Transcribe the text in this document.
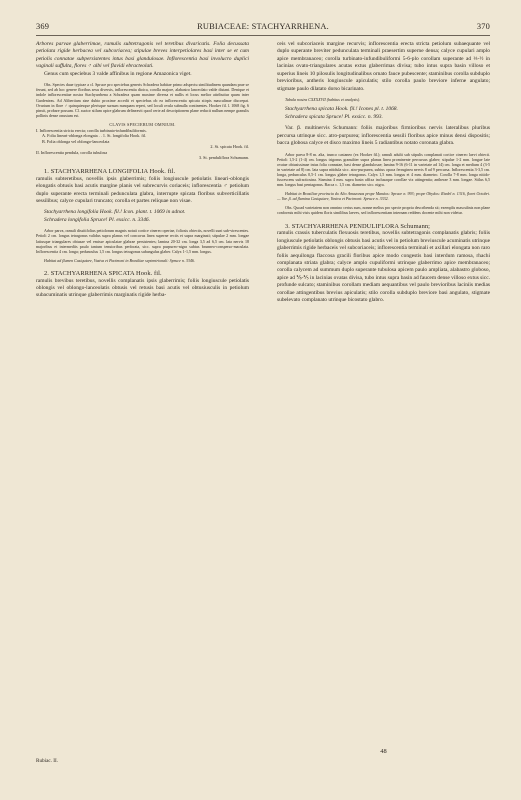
369	RUBIACEAE: STACHYARRHENA.	370

Arbores parvae glaberrimae, ramulis subtetragonis vel teretibus divaricatis. Folia decussata petiolata rigide herbacea vel subcoriacea; stipulae breves interpetiolares basi inter se et cum petiolis connatae subpersistentes intus basi glandulosae. Inflorescentia basi involucro duplici vaginali suffulta, flores ♂ albi vel flavidi ebracteolati.

Genus cum speciebus 3 valde affinibus in regione Amazonica viget.

Obs. Species duae typicae a cl. Spruce pro speciebus generis Schradera habitae primo adspectu similitudinem quandam prae se ferunt, sed ab hoc genere floribus sexu diversis, inflorescentia dioica, corolla majore, alabastro lanceolato valde distant. Denique et indole inflorescentiae nostra Stachyarrhena a Schradera quam maxime diversa et nullis ei locus melior attribuitur quam inter Gardenieas. Ad Alibertiam sine dubio proxime accedit et speciebus ob ea inflorescentia spicata stirpis masculinae discrepat. Ovarium in flore ♂ quinquiesque plerisque sursum nunquam reperi, sed loculi ovula subnulla continentes. Hooker fil. l. 1068 fig. 6 pinxit, probare possum. Cl. auctor stilum apice glabrum delineavit quod certe ad descriptionem plane reducit nullum nempe granulis pollinis dense onustum est.

CLAVIS SPECIERUM OMNIUM.
I. Inflorescentia stricta erecta; corolla turbinato-infundibuliformis.
A. Folia lineari-oblonga elongata . . 1. St. longifolia Hook. fil.
B. Folia oblonga vel oblongo-lanceolata
2. St. spicata Hook. fil.
II. Inflorescentia pendula, corolla tubulosa
3. St. penduliflora Schumann.

1. STACHYARRHENA LONGIFOLIA Hook. fil.

ramulis subteretibus, novellis ipsis glaberrimis; foliis longiuscule petiolatis lineari-oblongis elongatis obtusis basi acutis margine planis vel subrecurvis coriaceis; inflorescentia ♂ petiolum duplo superante erecta terminali pedunculata glabra, interrupte spicata floribus subverticillatis sessilibus; calyce cupulari truncato; corolla et partes reliquae non visae.

Stachyarrhena longifolia Hook. fil.! Icon. plant. t. 1069 in adnot.

Schradera longifolia Spruce! Pl. exsicc. n. 3346.

Arbor parva, ramuli dissitifolius petiolorum magnis notati cortice cinereo opertae, foliosis obtectis, novelli sunt sub-virescentes. Petioli 2 cm. longus tetragonus validus supra planus vel concavus linea superne rectis et supra marginati; stipulae 2 mm. longae latiusque triangulares obtusae vel emisse apiculatae glabrae persistentes; lamina 20-32 cm. longa 3,5 ad 6,5 cm. lata nervis 18 majoribus et intermediis paulo tantum tenuioribus perforata, sicc. supra purpureo-nigra subtus brunneo-consperso-maculata. Inflorescentia 4 cm. longa; pedunculus 1,5 cm. longus tetragonus subangulus glaber. Calyx 1-1,5 mm. longus.

Habitat ad flumen Casiquiare, Vasiva et Pacimoni in Brasiliae septentrionali: Spruce n. 3346.

2. STACHYARRHENA SPICATA Hook. fil.

ramulis brevibus teretibus, novellis complanatis ipsis glaberrimis; foliis longiuscule petiolatis oblongis vel oblongo-lanceolatis obtusis vel retusis basi acutis vel obtusiusculis in petiolum subacuminatis utrinque glaberrimis marginatis rigide herba-

ceis vel subcoriaceis margine recurvis; inflorescentia erecta stricta petiolum subaequante vel duplo superante breviter pedunculata terminali praesertim superne densa; calyce cupulari amplo apice membranaceo; corolla turbinato-infundibuliformi 5-6-plo corollam superante ad ⅓-½ in lacinias ovato-triangulares acutas extus glaberrimas divisa; tubo intus supra basin villoso et superius lineis 10 pilosulis longitudinalibus ornato fauce pubescente; staminibus corolla subduplo brevioribus, antheris longiuscule apiculatis; stilo corolla paulo breviore inferne angulato; stigmate paulo dilatato dorso bicarinato.

Tabula nostra CXXXXVII (habitus et analysis).

Stachyarrhena spicata Hook. fil.! Icones pl. t. 1068.

Schradera spicata Spruce! Pl. exsicc. n. 993.

Var. β. multinervis Schumann: foliis majoribus firmioribus nervis lateralibus pluribus percursa utrinque sicc. atro-purpurea; inflorescentia sessili floribus apice minus densi dispositis; bacca globosa calyce et disco maximo lineis 5 radiantibus notato coronata glabra.

Arbor parva 8-8 m. alta, trunco castaneo (ex Hooker fil.); ramuli adulti sub stipulis complanati cortice cinereo laevi obtecti. Petioli 1,5-2 (1-4) cm. longus trigonus granuliter supra planus linea prominente percursus glaber; stipulae 1-2 mm. longae late ovatae obtusissimae intus folia connatae, basi dense glandulosae; lamina 9-16 (6-11 in varietate ad 14) cm. longa et medium 4 (3-5 in varietate ad 8) cm. lata supra nitidula sicc. atro-purpurea, subtus opaca ferruginea nervis 8 ad 9 percursa. Inflorescentia 3-3,5 cm. longa, pedunculus 0,5-1 cm. longus glaber tetragonus. Calyx 1,5 mm. longus et 4 mm. diametro. Corolla 7-8 mm. longa nitido-fuscescens sufractiosina. Stamina 4 mm. supra basin affixa inclusaque corollae vix attingentia; antherae 3 mm. longae. Stilus 6,5 mm. longus basi pentagonus. Bacca c. 1,5 cm. diametro sicc. nigra.

Habitat in Brasiliae provincia do Alto Amazonas prope Manáos: Spruce n. 993; prope Obydos: Riedel n. 1316, floret Octobri. — Var. β. ad flumina Casiquiare, Vasiva et Pacimoni: Spruce n. 3332.

Obs. Quoad varietatem non omnino certus sum, nonne melius pro specie propria describenda sit; exemplis masculinis non plane conformis mihi visis quidem floris similibus laeves, sed inflorescentiam internam reddens docente mihi non videtur.

3. STACHYARRHENA PENDULIFLORA Schumann;

ramulis crassis tuberculatis flexuosis teretibus, novellis subtetragonis complanatis glabris; foliis longiuscule petiolatis oblongis obtusis basi acutis vel in petiolum breviuscule acuminatis utrinque glaberrimis rigide herbaceis vel subcoriaceis; inflorescentia terminali et axillari elongata non raro foliis aequilonga flaccosa gracili floribus apice modo congestis basi interdum ramosa, rhachi complanata striata glabra; calyce amplo cupuliformi utrinque glaberrimo apice membranaceo; corolla calycem ad summum duplo superante tubulosa apicem paulo ampliata, alabastro globoso, apice ad ⅙-⅕ in lacinias ovatas divisa, tubo intus supra basin ad faucem dense villoso extus sicc. profunde sulcato; staminibus corollam mediam aequantibus vel paulo brevioribus laciniis medias corollae attingentibus brevius apiculatis; stilo corolla subduplo breviore basi angulato, stigmate subelevato complanato utrinque bicostato glabro.

Rubiac. II.
48
